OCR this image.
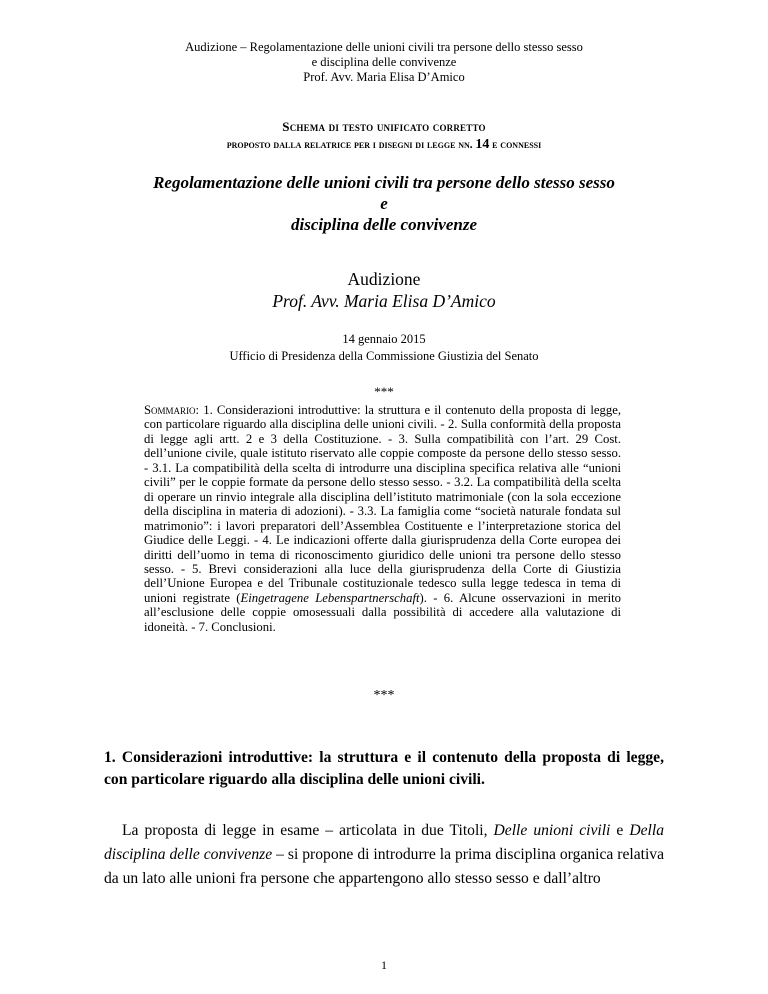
Audizione – Regolamentazione delle unioni civili tra persone dello stesso sesso
e disciplina delle convivenze
Prof. Avv. Maria Elisa D’Amico
Schema di testo unificato corretto
proposto dalla relatrice per i disegni di legge nn. 14 e connessi
Regolamentazione delle unioni civili tra persone dello stesso sesso
e
disciplina delle convivenze
Audizione
Prof. Avv. Maria Elisa D’Amico
14 gennaio 2015
Ufficio di Presidenza della Commissione Giustizia del Senato
***
Sommario: 1. Considerazioni introduttive: la struttura e il contenuto della proposta di legge, con particolare riguardo alla disciplina delle unioni civili. - 2. Sulla conformità della proposta di legge agli artt. 2 e 3 della Costituzione. - 3. Sulla compatibilità con l’art. 29 Cost. dell’unione civile, quale istituto riservato alle coppie composte da persone dello stesso sesso. - 3.1. La compatibilità della scelta di introdurre una disciplina specifica relativa alle “unioni civili” per le coppie formate da persone dello stesso sesso. - 3.2. La compatibilità della scelta di operare un rinvio integrale alla disciplina dell’istituto matrimoniale (con la sola eccezione della disciplina in materia di adozioni). - 3.3. La famiglia come “società naturale fondata sul matrimonio”: i lavori preparatori dell’Assemblea Costituente e l’interpretazione storica del Giudice delle Leggi. - 4. Le indicazioni offerte dalla giurisprudenza della Corte europea dei diritti dell’uomo in tema di riconoscimento giuridico delle unioni tra persone dello stesso sesso. - 5. Brevi considerazioni alla luce della giurisprudenza della Corte di Giustizia dell’Unione Europea e del Tribunale costituzionale tedesco sulla legge tedesca in tema di unioni registrate (Eingetragene Lebenspartnerschaft). - 6. Alcune osservazioni in merito all’esclusione delle coppie omosessuali dalla possibilità di accedere alla valutazione di idoneità. - 7. Conclusioni.
***
1. Considerazioni introduttive: la struttura e il contenuto della proposta di legge, con particolare riguardo alla disciplina delle unioni civili.
La proposta di legge in esame – articolata in due Titoli, Delle unioni civili e Della disciplina delle convivenze – si propone di introdurre la prima disciplina organica relativa da un lato alle unioni fra persone che appartengono allo stesso sesso e dall’altro
1
